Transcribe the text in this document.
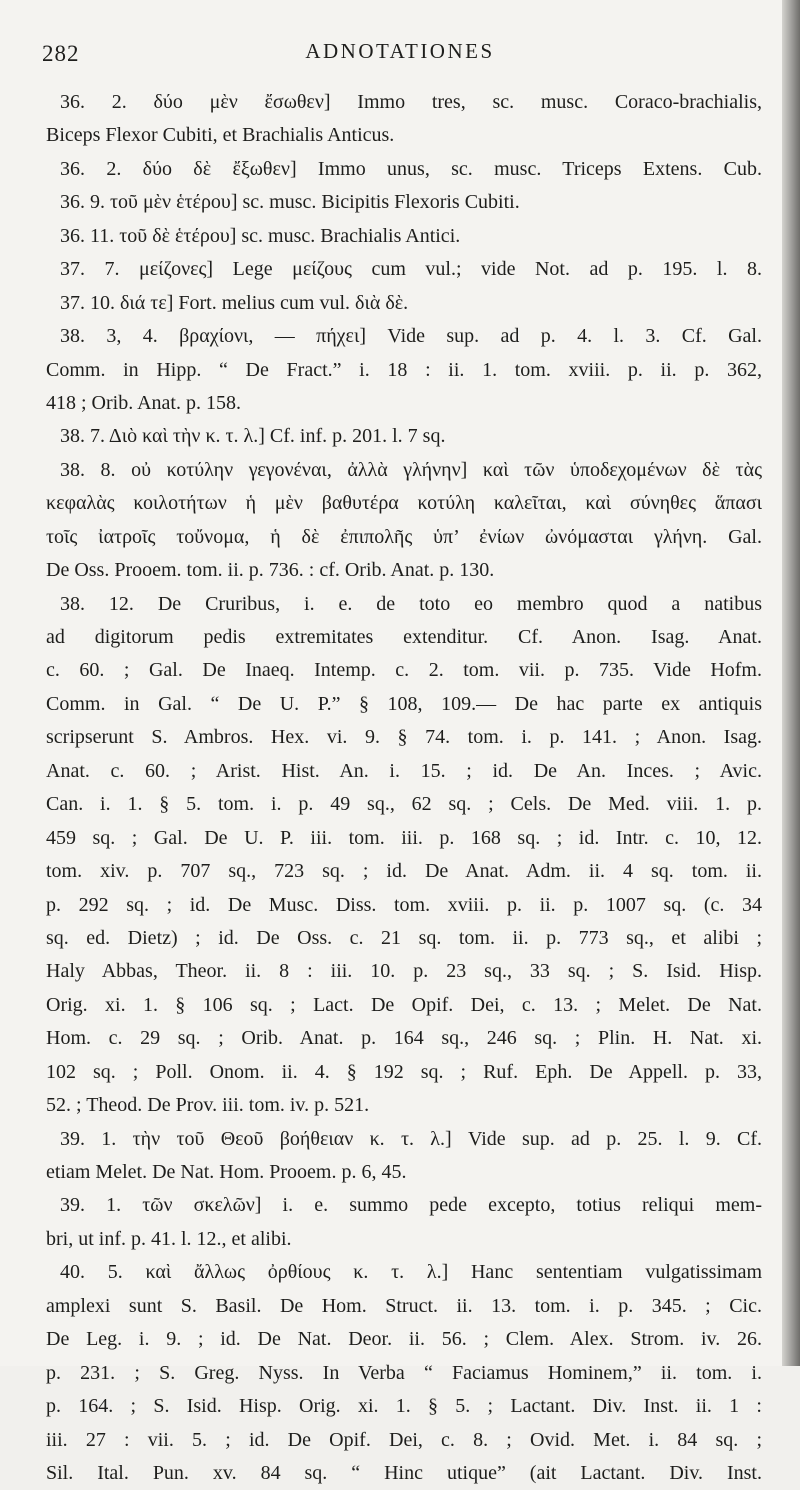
282	ADNOTATIONES
36. 2. δύο μὲν ἔσωθεν] Immo tres, sc. musc. Coraco-brachialis,
Biceps Flexor Cubiti, et Brachialis Anticus.
36. 2. δύο δὲ ἔξωθεν] Immo unus, sc. musc. Triceps Extens. Cub.
36. 9. τοῦ μὲν ἑτέρου] sc. musc. Bicipitis Flexoris Cubiti.
36. 11. τοῦ δὲ ἑτέρου] sc. musc. Brachialis Antici.
37. 7. μείζονες] Lege μείζους cum vul.; vide Not. ad p. 195. l. 8.
37. 10. διά τε] Fort. melius cum vul. διὰ δὲ.
38. 3, 4. βραχίονι, — πήχει] Vide sup. ad p. 4. l. 3. Cf. Gal.
Comm. in Hipp. “ De Fract.” i. 18 : ii. 1. tom. xviii. p. ii. p. 362,
418 ; Orib. Anat. p. 158.
38. 7. Διὸ καὶ τὴν κ. τ. λ.] Cf. inf. p. 201. l. 7 sq.
38. 8. οὐ κοτύλην γεγονέναι, ἀλλὰ γλήνην] καὶ τῶν ὑποδεχομένων δὲ τὰς
κεφαλὰς κοιλοτήτων ἡ μὲν βαθυτέρα κοτύλη καλεῖται, καὶ σύνηθες ἅπασι
τοῖς ἰατροῖς τοὔνομα, ἡ δὲ ἐπιπολῆς ὑπ’ ἐνίων ὠνόμασται γλήνη. Gal.
De Oss. Prooem. tom. ii. p. 736. : cf. Orib. Anat. p. 130.
38. 12. De Cruribus, i. e. de toto eo membro quod a natibus
ad digitorum pedis extremitates extenditur. Cf. Anon. Isag. Anat.
c. 60. ; Gal. De Inaeq. Intemp. c. 2. tom. vii. p. 735. Vide Hofm.
Comm. in Gal. “ De U. P.” § 108, 109.— De hac parte ex antiquis
scripserunt S. Ambros. Hex. vi. 9. § 74. tom. i. p. 141. ; Anon. Isag.
Anat. c. 60. ; Arist. Hist. An. i. 15. ; id. De An. Inces. ; Avic.
Can. i. 1. § 5. tom. i. p. 49 sq., 62 sq. ; Cels. De Med. viii. 1. p.
459 sq. ; Gal. De U. P. iii. tom. iii. p. 168 sq. ; id. Intr. c. 10, 12.
tom. xiv. p. 707 sq., 723 sq. ; id. De Anat. Adm. ii. 4 sq. tom. ii.
p. 292 sq. ; id. De Musc. Diss. tom. xviii. p. ii. p. 1007 sq. (c. 34
sq. ed. Dietz) ; id. De Oss. c. 21 sq. tom. ii. p. 773 sq., et alibi ;
Haly Abbas, Theor. ii. 8 : iii. 10. p. 23 sq., 33 sq. ; S. Isid. Hisp.
Orig. xi. 1. § 106 sq. ; Lact. De Opif. Dei, c. 13. ; Melet. De Nat.
Hom. c. 29 sq. ; Orib. Anat. p. 164 sq., 246 sq. ; Plin. H. Nat. xi.
102 sq. ; Poll. Onom. ii. 4. § 192 sq. ; Ruf. Eph. De Appell. p. 33,
52. ; Theod. De Prov. iii. tom. iv. p. 521.
39. 1. τὴν τοῦ Θεοῦ βοήθειαν κ. τ. λ.] Vide sup. ad p. 25. l. 9. Cf.
etiam Melet. De Nat. Hom. Prooem. p. 6, 45.
39. 1. τῶν σκελῶν] i. e. summo pede excepto, totius reliqui mem-
bri, ut inf. p. 41. l. 12., et alibi.
40. 5. καὶ ἄλλως ὀρθίους κ. τ. λ.] Hanc sententiam vulgatissimam
amplexi sunt S. Basil. De Hom. Struct. ii. 13. tom. i. p. 345. ; Cic.
De Leg. i. 9. ; id. De Nat. Deor. ii. 56. ; Clem. Alex. Strom. iv. 26.
p. 231. ; S. Greg. Nyss. In Verba “ Faciamus Hominem,” ii. tom. i.
p. 164. ; S. Isid. Hisp. Orig. xi. 1. § 5. ; Lactant. Div. Inst. ii. 1 :
iii. 27 : vii. 5. ; id. De Opif. Dei, c. 8. ; Ovid. Met. i. 84 sq. ;
Sil. Ital. Pun. xv. 84 sq. “ Hinc utique” (ait Lactant. Div. Inst.
